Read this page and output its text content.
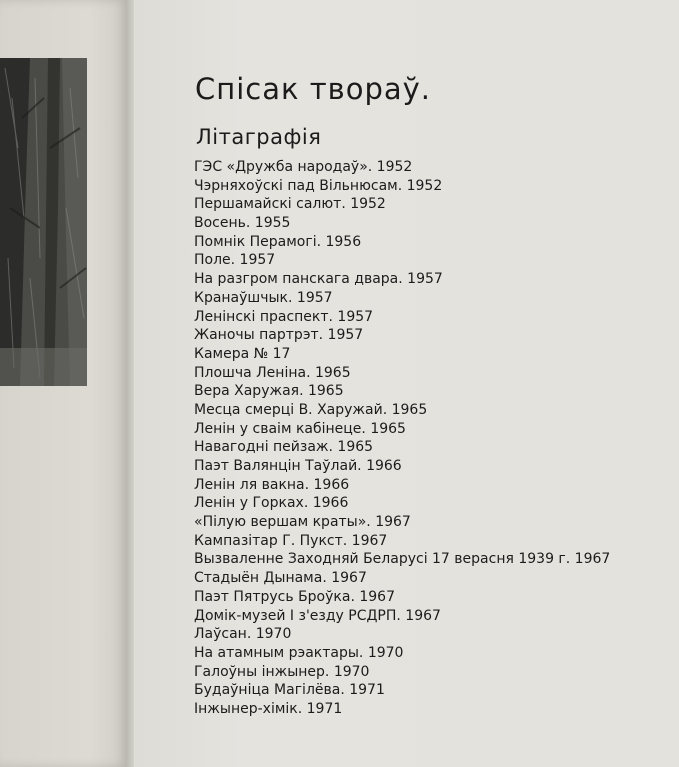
Спісак твораў.
Літаграфія
ГЭС «Дружба народаў». 1952
Чэрняхоўскі пад Вільнюсам. 1952
Першамайскі салют. 1952
Восень. 1955
Помнік Перамогі. 1956
Поле. 1957
На разгром панскага двара. 1957
Кранаўшчык. 1957
Ленінскі праспект. 1957
Жаночы партрэт. 1957
Камера № 17
Плошча Леніна. 1965
Вера Харужая. 1965
Месца смерці В. Харужай. 1965
Ленін у сваім кабінеце. 1965
Навагодні пейзаж. 1965
Паэт Валянцін Таўлай. 1966
Ленін ля вакна. 1966
Ленін у Горках. 1966
«Пілую вершам краты». 1967
Кампазітар Г. Пукст. 1967
Вызваленне Заходняй Беларусі 17 верасня 1939 г. 1967
Стадыён Дынама. 1967
Паэт Пятрусь Броўка. 1967
Домік-музей I з'езду РСДРП. 1967
Лаўсан. 1970
На атамным рэактары. 1970
Галоўны інжынер. 1970
Будаўніца Магілёва. 1971
Інжынер-хімік. 1971
